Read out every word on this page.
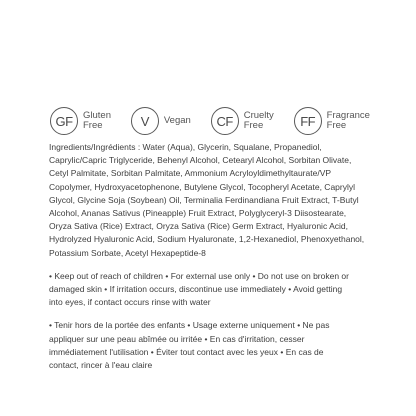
GF	Gluten
Free	V	Vegan	CF	Cruelty
Free	FF	Fragrance
Free

Ingredients/Ingrédients : Water (Aqua), Glycerin, Squalane, Propanediol,
Caprylic/Capric Triglyceride, Behenyl Alcohol, Cetearyl Alcohol, Sorbitan Olivate,
Cetyl Palmitate, Sorbitan Palmitate, Ammonium Acryloyldimethyltaurate/VP
Copolymer, Hydroxyacetophenone, Butylene Glycol, Tocopheryl Acetate, Caprylyl
Glycol, Glycine Soja (Soybean) Oil, Terminalia Ferdinandiana Fruit Extract, T-Butyl
Alcohol, Ananas Sativus (Pineapple) Fruit Extract, Polyglyceryl-3 Diisostearate,
Oryza Sativa (Rice) Extract, Oryza Sativa (Rice) Germ Extract, Hyaluronic Acid,
Hydrolyzed Hyaluronic Acid, Sodium Hyaluronate, 1,2-Hexanediol, Phenoxyethanol,
Potassium Sorbate, Acetyl Hexapeptide-8

• Keep out of reach of children • For external use only • Do not use on broken or
damaged skin • If irritation occurs, discontinue use immediately • Avoid getting
into eyes, if contact occurs rinse with water

• Tenir hors de la portée des enfants • Usage externe uniquement • Ne pas
appliquer sur une peau abîmée ou irritée • En cas d'irritation, cesser
immédiatement l'utilisation • Éviter tout contact avec les yeux • En cas de
contact, rincer à l'eau claire
